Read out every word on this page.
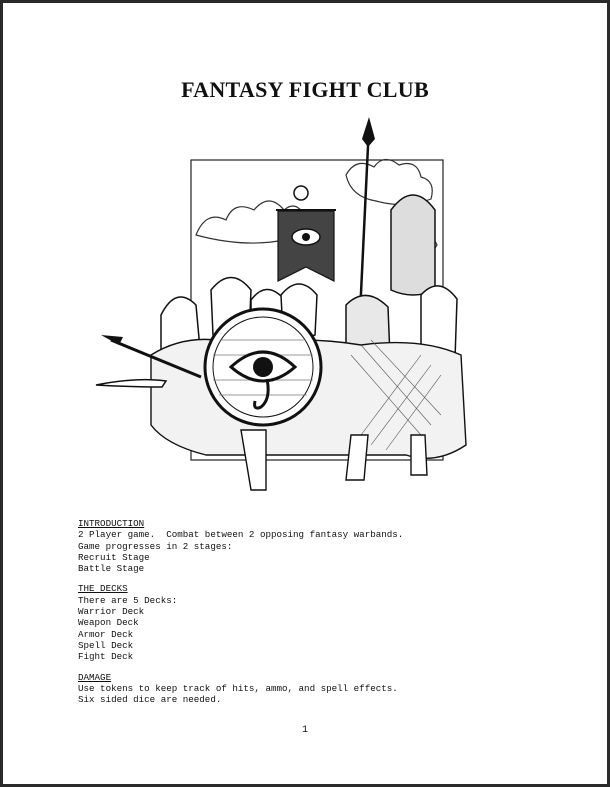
FANTASY FIGHT CLUB
INTRODUCTION
2 Player game.  Combat between 2 opposing fantasy warbands.
Game progresses in 2 stages:
Recruit Stage
Battle Stage
THE DECKS
There are 5 Decks:
Warrior Deck
Weapon Deck
Armor Deck
Spell Deck
Fight Deck
DAMAGE
Use tokens to keep track of hits, ammo, and spell effects.
Six sided dice are needed.
1
